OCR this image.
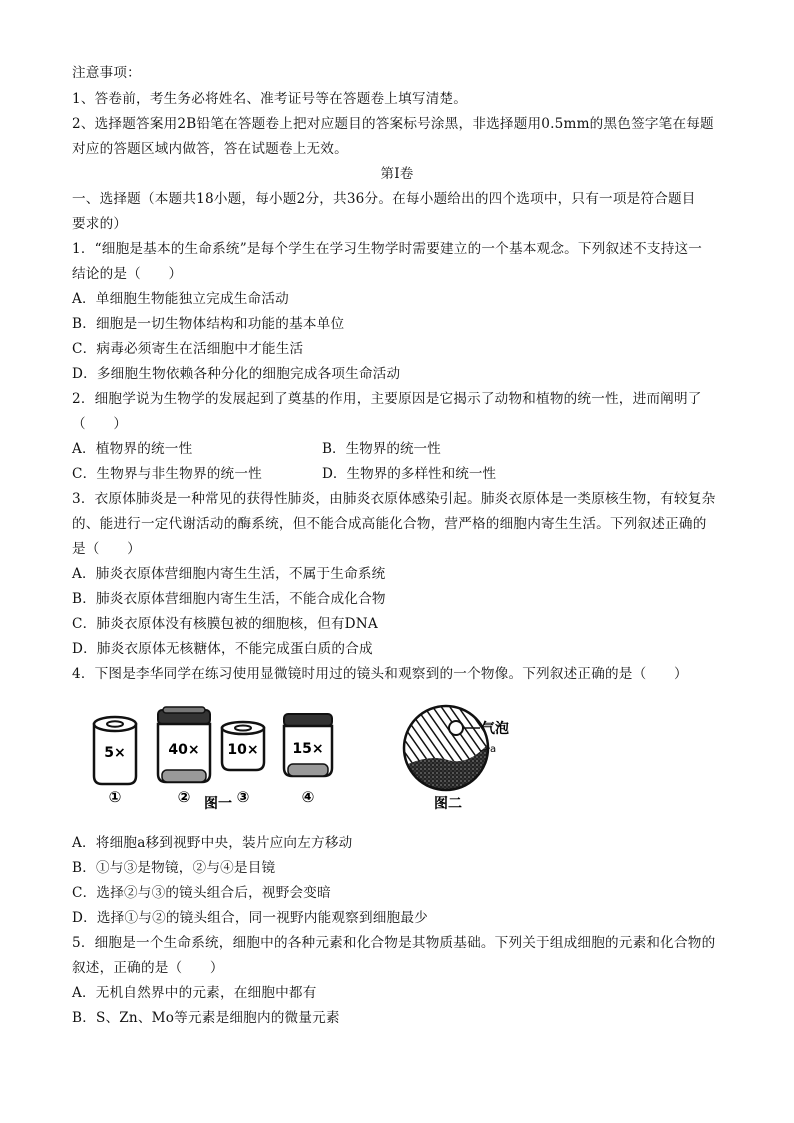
注意事项：
1、答卷前，考生务必将姓名、准考证号等在答题卷上填写清楚。
2、选择题答案用2B铅笔在答题卷上把对应题目的答案标号涂黑，非选择题用0.5mm的黑色签字笔在每题
对应的答题区域内做答，答在试题卷上无效。
第Ⅰ卷
一、选择题（本题共18小题，每小题2分，共36分。在每小题给出的四个选项中，只有一项是符合题目
要求的）
1．“细胞是基本的生命系统”是每个学生在学习生物学时需要建立的一个基本观念。下列叙述不支持这一
结论的是（　　）
A．单细胞生物能独立完成生命活动
B．细胞是一切生物体结构和功能的基本单位
C．病毒必须寄生在活细胞中才能生活
D．多细胞生物依赖各种分化的细胞完成各项生命活动
2．细胞学说为生物学的发展起到了奠基的作用，主要原因是它揭示了动物和植物的统一性，进而阐明了
（　　）
A．植物界的统一性	B．生物界的统一性
C．生物界与非生物界的统一性	D．生物界的多样性和统一性
3．衣原体肺炎是一种常见的获得性肺炎，由肺炎衣原体感染引起。肺炎衣原体是一类原核生物，有较复杂
的、能进行一定代谢活动的酶系统，但不能合成高能化合物，营严格的细胞内寄生生活。下列叙述正确的
是（　　）
A．肺炎衣原体营细胞内寄生生活，不属于生命系统
B．肺炎衣原体营细胞内寄生生活，不能合成化合物
C．肺炎衣原体没有核膜包被的细胞核，但有DNA
D．肺炎衣原体无核糖体，不能完成蛋白质的合成
4．下图是李华同学在练习使用显微镜时用过的镜头和观察到的一个物像。下列叙述正确的是（　　）
5×	40× 10× 15×
①	②	③	④
图一
气泡
a
图二
A．将细胞a移到视野中央，装片应向左方移动
B．①与③是物镜，②与④是目镜
C．选择②与③的镜头组合后，视野会变暗
D．选择①与②的镜头组合，同一视野内能观察到细胞最少
5．细胞是一个生命系统，细胞中的各种元素和化合物是其物质基础。下列关于组成细胞的元素和化合物的
叙述，正确的是（　　）
A．无机自然界中的元素，在细胞中都有
B．S、Zn、Mo等元素是细胞内的微量元素
